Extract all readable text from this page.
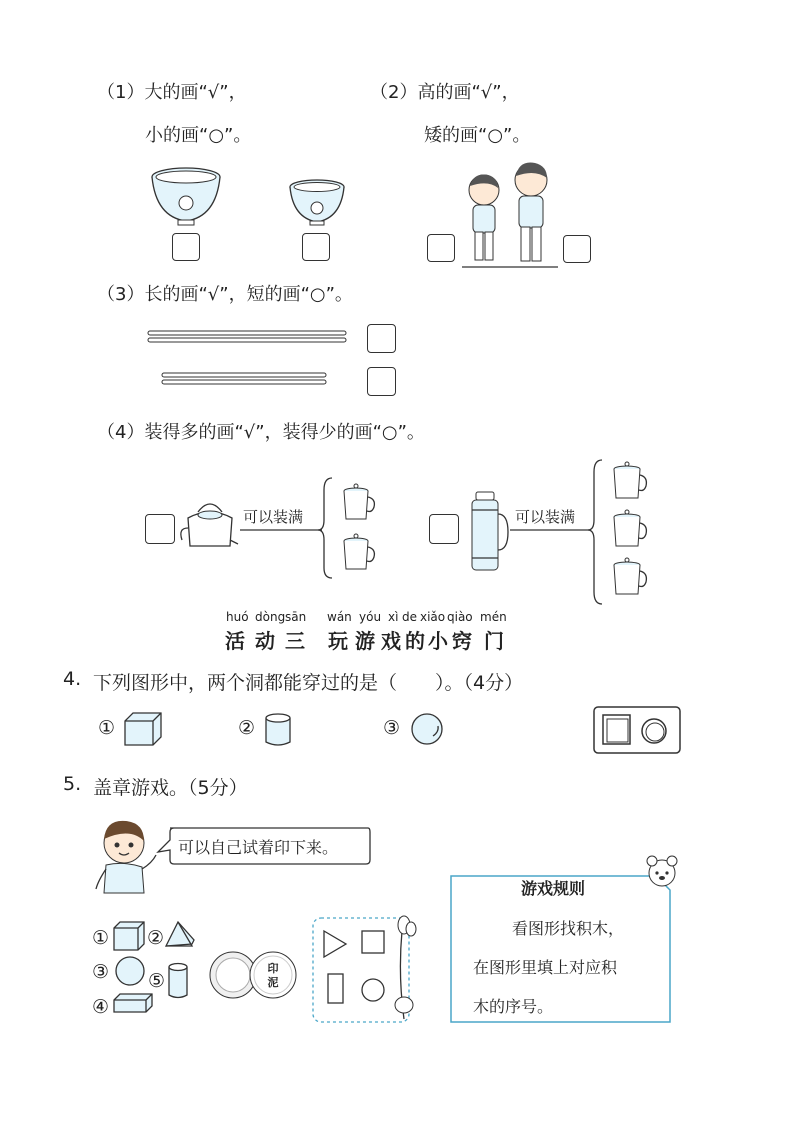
（1）大的画“√”，
小的画“○”。
（2）高的画“√”，
矮的画“○”。
（3）长的画“√”，短的画“○”。
（4）装得多的画“√”，装得少的画“○”。
可以装满	可以装满
huó dòng sān wán yóu xì de xiǎo qiào mén
活 动 三 玩 游 戏 的 小 窍 门
4. 下列图形中，两个洞都能穿过的是（　　）。（4分）
①	②	③
5. 盖章游戏。（5分）
可以自己试着印下来。
① ②
③ ⑤
④
印泥
游戏规则
看图形找积木，
在图形里填上对应积
木的序号。
